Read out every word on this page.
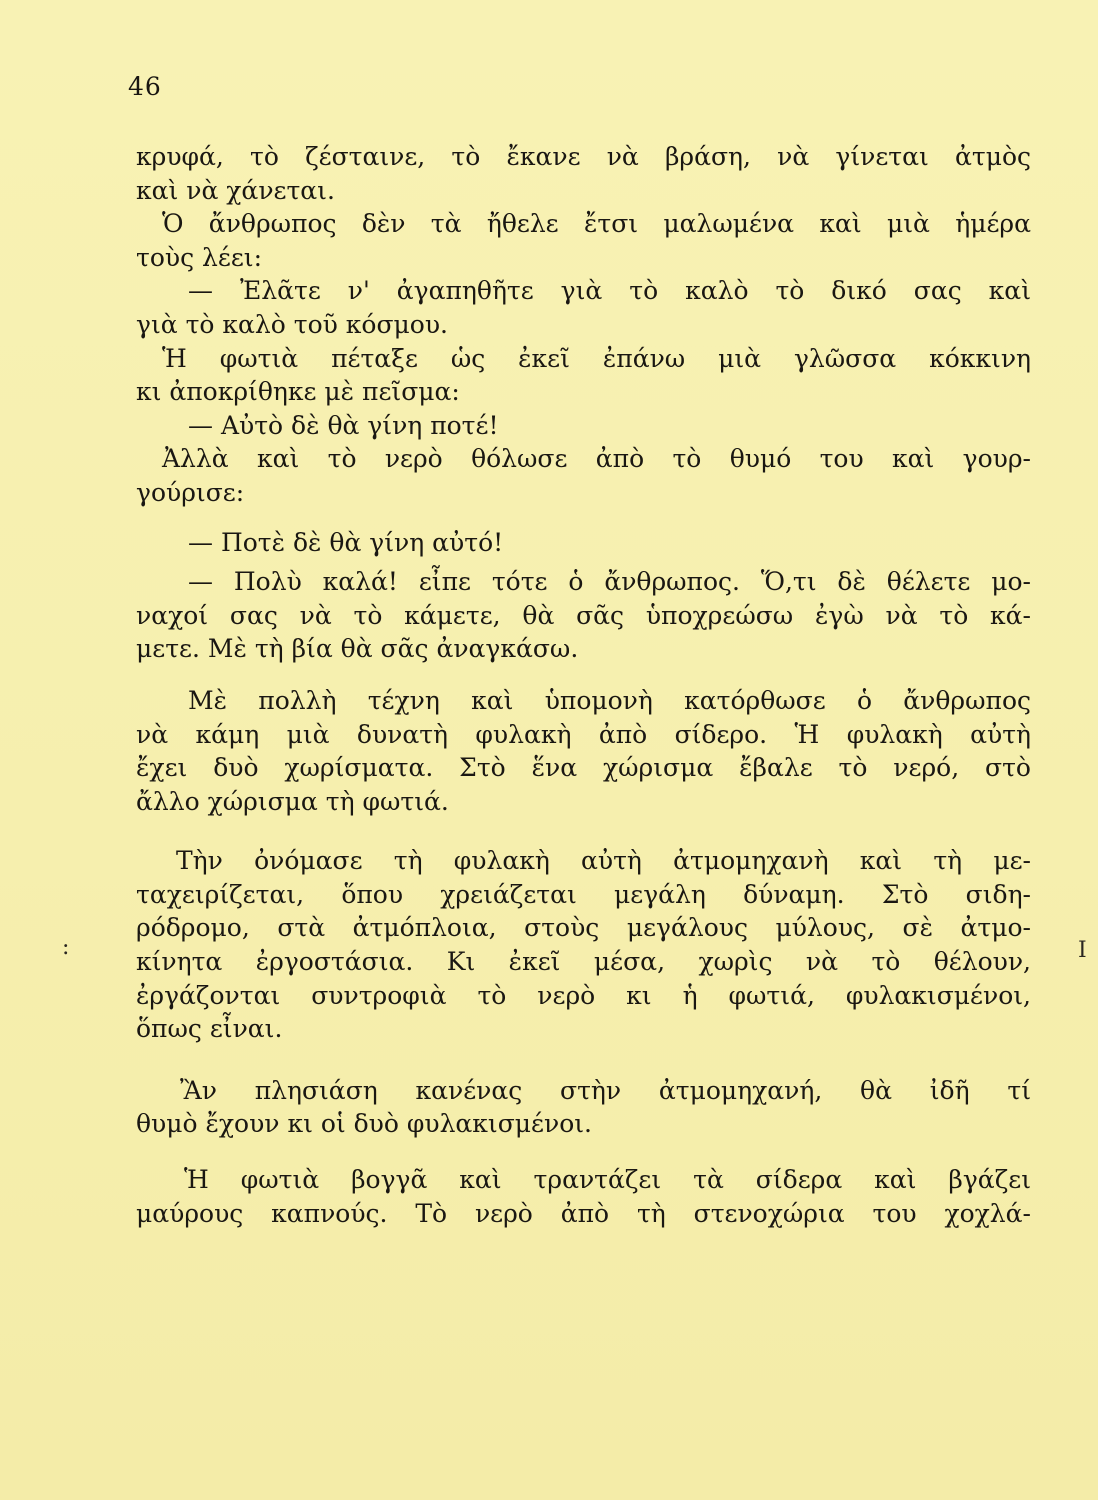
46
κρυφά, τὸ ζέσταινε, τὸ ἔκανε νὰ βράση, νὰ γίνεται ἀτμὸς
καὶ νὰ χάνεται.
Ὁ ἄνθρωπος δὲν τὰ ἤθελε ἔτσι μαλωμένα καὶ μιὰ ἡμέρα
τοὺς λέει:
— Ἐλᾶτε ν' ἀγαπηθῆτε γιὰ τὸ καλὸ τὸ δικό σας καὶ
γιὰ τὸ καλὸ τοῦ κόσμου.
Ἡ φωτιὰ πέταξε ὡς ἐκεῖ ἐπάνω μιὰ γλῶσσα κόκκινη
κι ἀποκρίθηκε μὲ πεῖσμα:
— Αὐτὸ δὲ θὰ γίνη ποτέ!
Ἀλλὰ καὶ τὸ νερὸ θόλωσε ἀπὸ τὸ θυμό του καὶ γουρ-
γούρισε:
— Ποτὲ δὲ θὰ γίνη αὐτό!
— Πολὺ καλά! εἶπε τότε ὁ ἄνθρωπος. Ὅ,τι δὲ θέλετε μο-
ναχοί σας νὰ τὸ κάμετε, θὰ σᾶς ὑποχρεώσω ἐγὼ νὰ τὸ κά-
μετε. Μὲ τὴ βία θὰ σᾶς ἀναγκάσω.
Μὲ πολλὴ τέχνη καὶ ὑπομονὴ κατόρθωσε ὁ ἄνθρωπος
νὰ κάμη μιὰ δυνατὴ φυλακὴ ἀπὸ σίδερο. Ἡ φυλακὴ αὐτὴ
ἔχει δυὸ χωρίσματα. Στὸ ἕνα χώρισμα ἔβαλε τὸ νερό, στὸ
ἄλλο χώρισμα τὴ φωτιά.
Τὴν ὀνόμασε τὴ φυλακὴ αὐτὴ ἀτμομηχανὴ καὶ τὴ με-
ταχειρίζεται, ὅπου χρειάζεται μεγάλη δύναμη. Στὸ σιδη-
ρόδρομο, στὰ ἀτμόπλοια, στοὺς μεγάλους μύλους, σὲ ἀτμο-
κίνητα ἐργοστάσια. Κι ἐκεῖ μέσα, χωρὶς νὰ τὸ θέλουν,
ἐργάζονται συντροφιὰ τὸ νερὸ κι ἡ φωτιά, φυλακισμένοι,
ὅπως εἶναι.
Ἂν πλησιάση κανένας στὴν ἀτμομηχανή, θὰ ἰδῆ τί
θυμὸ ἔχουν κι οἱ δυὸ φυλακισμένοι.
Ἡ φωτιὰ βογγᾶ καὶ τραντάζει τὰ σίδερα καὶ βγάζει
μαύρους καπνούς. Τὸ νερὸ ἀπὸ τὴ στενοχώρια του χοχλά-
:	I
